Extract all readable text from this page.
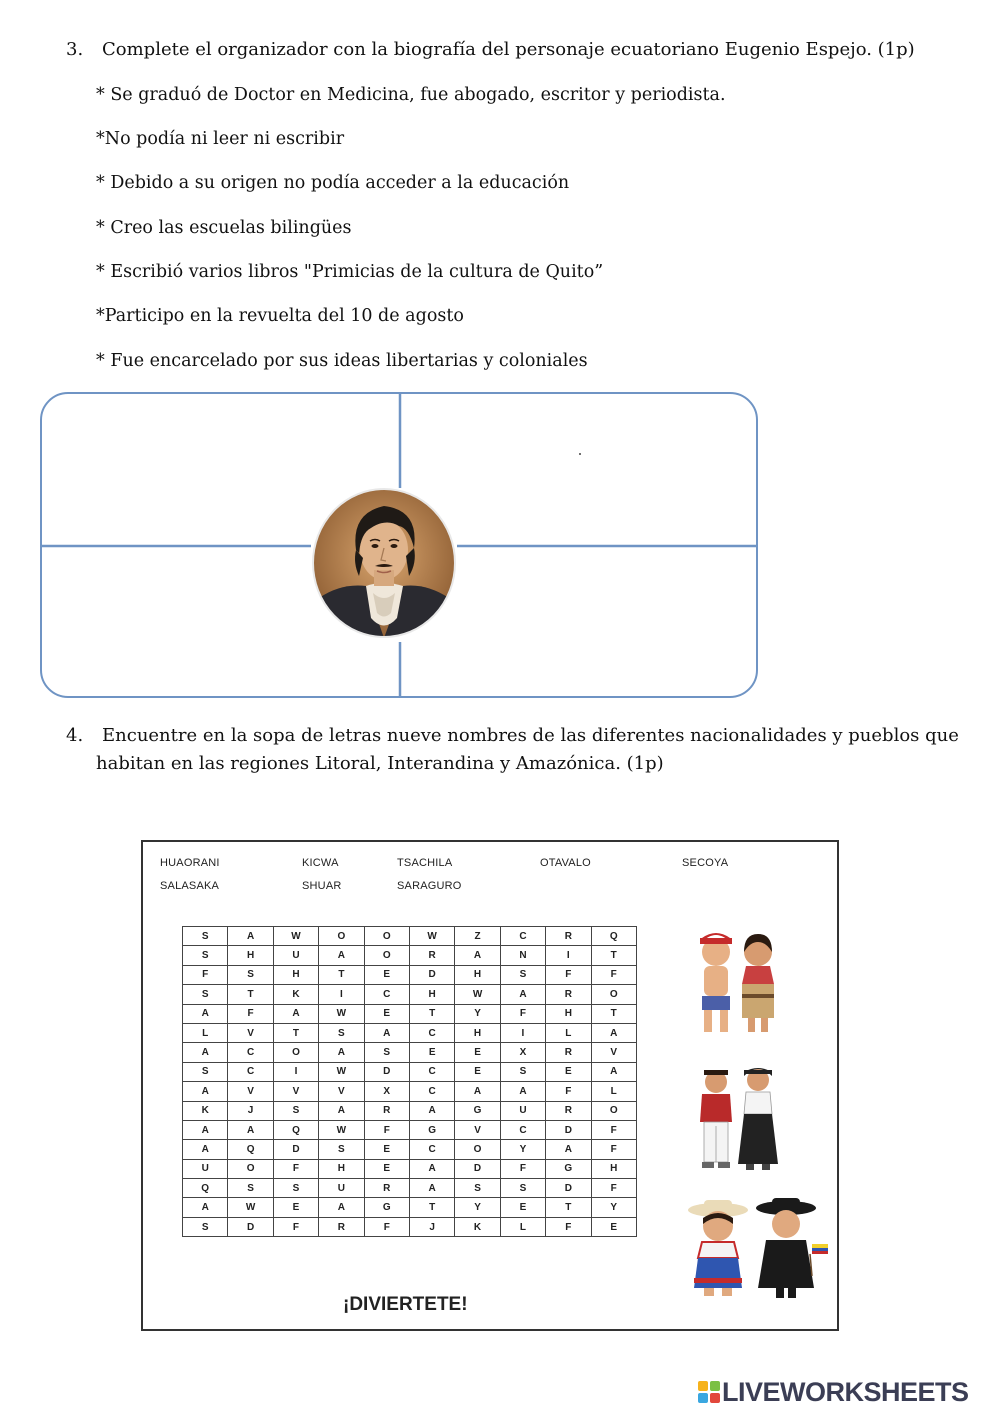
3. Complete el organizador con la biografía del personaje ecuatoriano Eugenio Espejo. (1p)
* Se graduó de Doctor en Medicina, fue abogado, escritor y periodista.
*No podía ni leer ni escribir
* Debido a su origen no podía acceder a la educación
* Creo las escuelas bilingües
* Escribió varios libros "Primicias de la cultura de Quito”
*Participo en la revuelta del 10 de agosto
* Fue encarcelado por sus ideas libertarias y coloniales
4. Encuentre en la sopa de letras nueve nombres de las diferentes nacionalidades y pueblos que
habitan en las regiones Litoral, Interandina y Amazónica. (1p)
HUAORANI	KICWA	TSACHILA	OTAVALO	SECOYA
SALASAKA	SHUAR	SARAGURO
S	A	W	O	O	W	Z	C	R	Q
S	H	U	A	O	R	A	N	I	T
F	S	H	T	E	D	H	S	F	F
S	T	K	I	C	H	W	A	R	O
A	F	A	W	E	T	Y	F	H	T
L	V	T	S	A	C	H	I	L	A
A	C	O	A	S	E	E	X	R	V
S	C	I	W	D	C	E	S	E	A
A	V	V	V	X	C	A	A	F	L
K	J	S	A	R	A	G	U	R	O
A	A	Q	W	F	G	V	C	D	F
A	Q	D	S	E	C	O	Y	A	F
U	O	F	H	E	A	D	F	G	H
Q	S	S	U	R	A	S	S	D	F
A	W	E	A	G	T	Y	E	T	Y
S	D	F	R	F	J	K	L	F	E
¡DIVIERTETE!
LIVEWORKSHEETS
